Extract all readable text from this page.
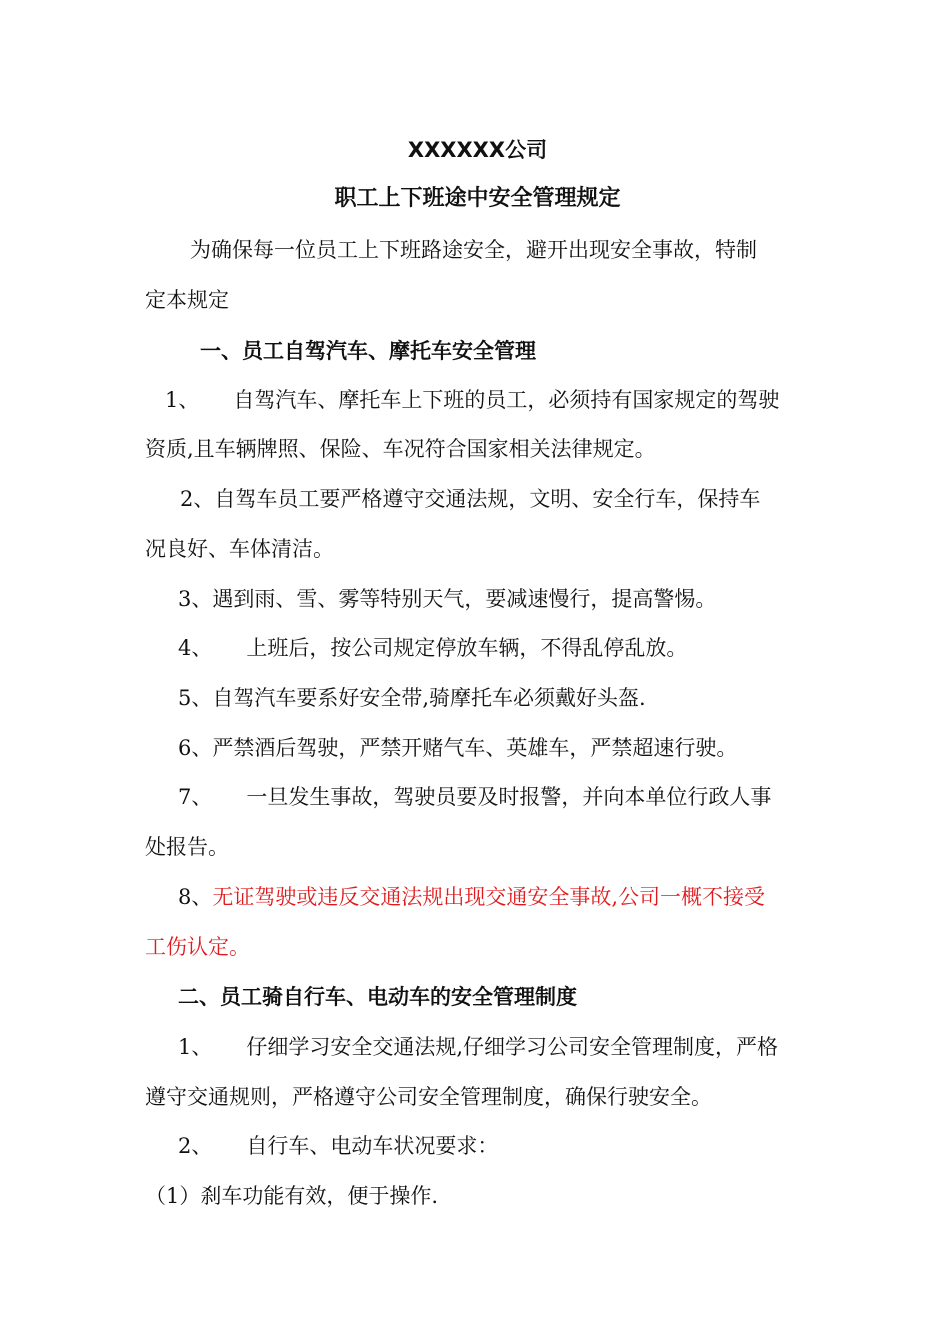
XXXXXX公司
职工上下班途中安全管理规定
为确保每一位员工上下班路途安全，避开出现安全事故，特制
定本规定
一、员工自驾汽车、摩托车安全管理
1、 自驾汽车、摩托车上下班的员工，必须持有国家规定的驾驶
资质,且车辆牌照、保险、车况符合国家相关法律规定。
2、自驾车员工要严格遵守交通法规，文明、安全行车，保持车
况良好、车体清洁。
3、遇到雨、雪、雾等特别天气，要减速慢行，提高警惕。
4、 上班后，按公司规定停放车辆，不得乱停乱放。
5、自驾汽车要系好安全带,骑摩托车必须戴好头盔.
6、严禁酒后驾驶，严禁开赌气车、英雄车，严禁超速行驶。
7、 一旦发生事故，驾驶员要及时报警，并向本单位行政人事
处报告。
8、无证驾驶或违反交通法规出现交通安全事故,公司一概不接受
工伤认定。
二、员工骑自行车、电动车的安全管理制度
1、 仔细学习安全交通法规,仔细学习公司安全管理制度，严格
遵守交通规则，严格遵守公司安全管理制度，确保行驶安全。
2、 自行车、电动车状况要求：
（1）刹车功能有效，便于操作.
